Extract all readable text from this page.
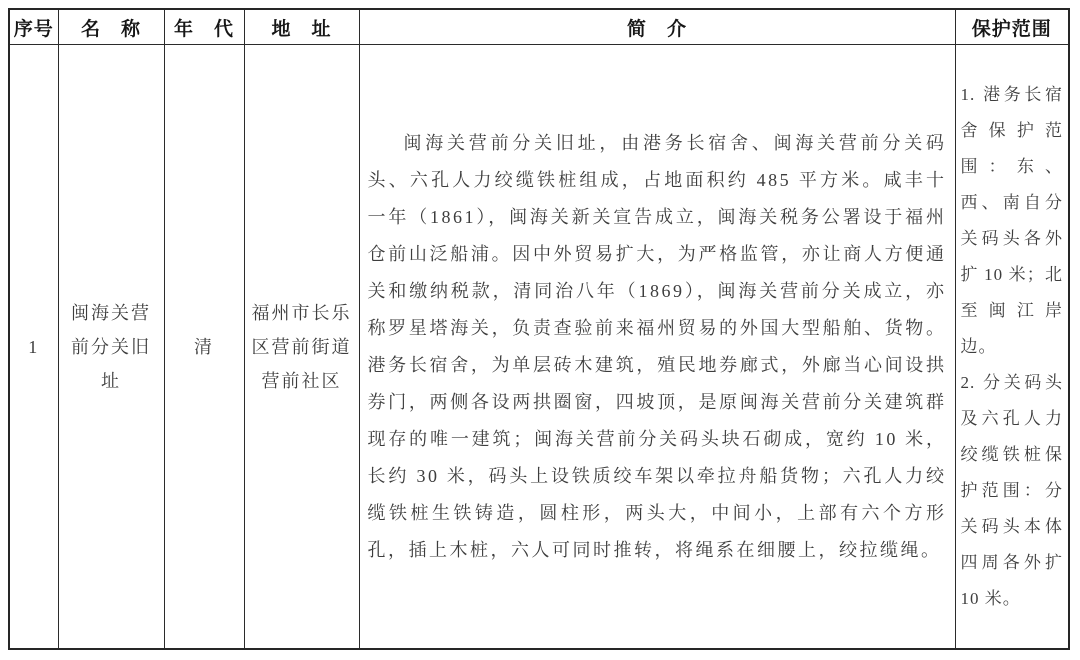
序号	名　称	年　代	地　址	简　介	保护范围
1	闽海关营前分关旧址	清	福州市长乐区营前街道营前社区	闽海关营前分关旧址，由港务长宿舍、闽海关营前分关码头、六孔人力绞缆铁桩组成，占地面积约 485 平方米。咸丰十一年（1861），闽海关新关宣告成立，闽海关税务公署设于福州仓前山泛船浦。因中外贸易扩大，为严格监管，亦让商人方便通关和缴纳税款，清同治八年（1869），闽海关营前分关成立，亦称罗星塔海关，负责查验前来福州贸易的外国大型船舶、货物。港务长宿舍，为单层砖木建筑，殖民地券廊式，外廊当心间设拱券门，两侧各设两拱圈窗，四坡顶，是原闽海关营前分关建筑群现存的唯一建筑；闽海关营前分关码头块石砌成，宽约 10 米，长约 30 米，码头上设铁质绞车架以牵拉舟船货物；六孔人力绞缆铁桩生铁铸造，圆柱形，两头大，中间小，上部有六个方形孔，插上木桩，六人可同时推转，将绳系在细腰上，绞拉缆绳。	1. 港务长宿舍保护范围：东、西、南自分关码头各外扩 10 米；北至闽江岸边。

2. 分关码头及六孔人力绞缆铁桩保护范围：分关码头本体四周各外扩 10 米。
